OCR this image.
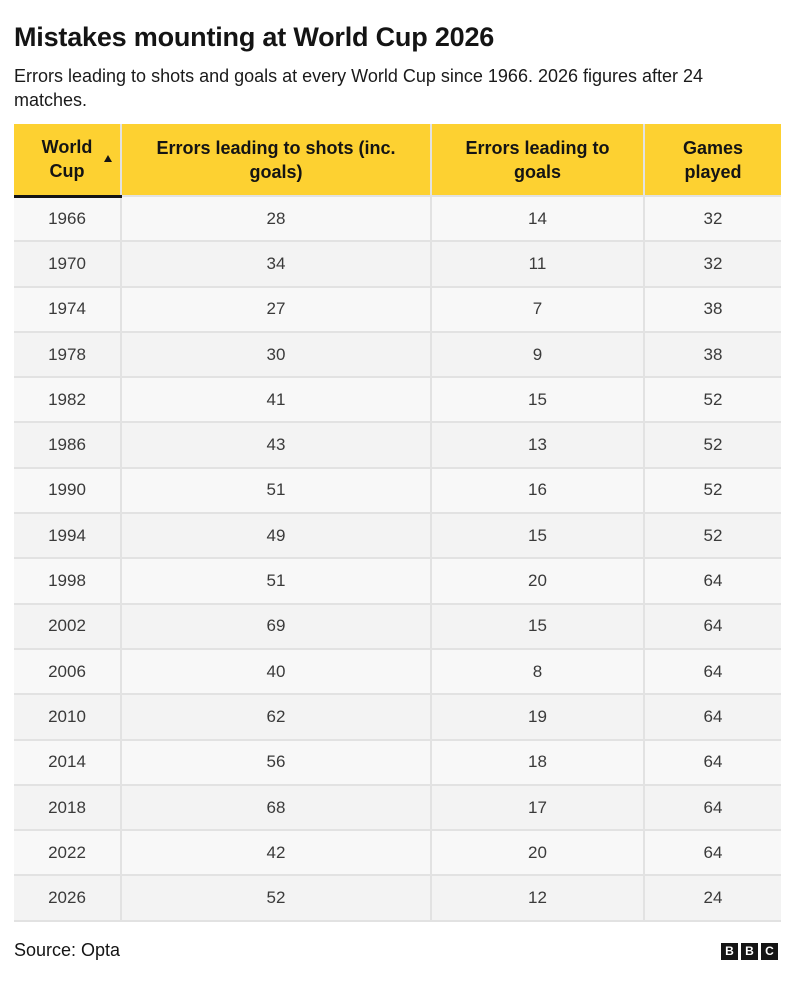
Mistakes mounting at World Cup 2026

Errors leading to shots and goals at every World Cup since 1966. 2026 figures after 24 matches.

World Cup	Errors leading to shots (inc. goals)	Errors leading to goals	Games played
1966	28	14	32
1970	34	11	32
1974	27	7	38
1978	30	9	38
1982	41	15	52
1986	43	13	52
1990	51	16	52
1994	49	15	52
1998	51	20	64
2002	69	15	64
2006	40	8	64
2010	62	19	64
2014	56	18	64
2018	68	17	64
2022	42	20	64
2026	52	12	24
Source: Opta	B B C
